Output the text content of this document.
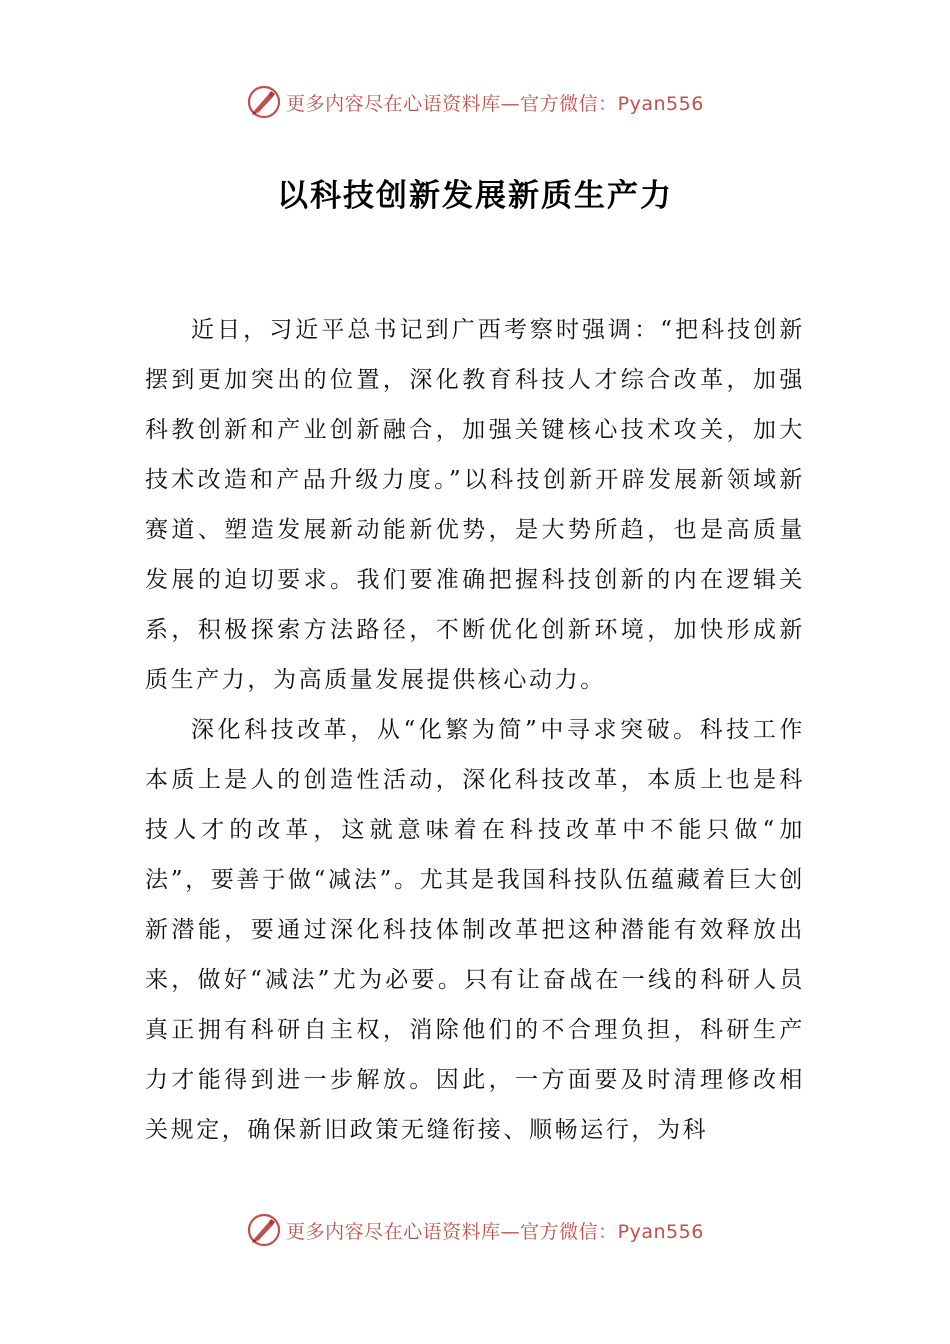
更多内容尽在心语资料库—官方微信：Pyan556
以科技创新发展新质生产力

近日，习近平总书记到广西考察时强调：“把科技创新摆到更加突出的位置，深化教育科技人才综合改革，加强科教创新和产业创新融合，加强关键核心技术攻关，加大技术改造和产品升级力度。”以科技创新开辟发展新领域新赛道、塑造发展新动能新优势，是大势所趋，也是高质量发展的迫切要求。我们要准确把握科技创新的内在逻辑关系，积极探索方法路径，不断优化创新环境，加快形成新质生产力，为高质量发展提供核心动力。

深化科技改革，从“化繁为简”中寻求突破。科技工作本质上是人的创造性活动，深化科技改革，本质上也是科技人才的改革，这就意味着在科技改革中不能只做“加法”，要善于做“减法”。尤其是我国科技队伍蕴藏着巨大创新潜能，要通过深化科技体制改革把这种潜能有效释放出来，做好“减法”尤为必要。只有让奋战在一线的科研人员真正拥有科研自主权，消除他们的不合理负担，科研生产力才能得到进一步解放。因此，一方面要及时清理修改相关规定，确保新旧政策无缝衔接、顺畅运行，为科

更多内容尽在心语资料库—官方微信：Pyan556
